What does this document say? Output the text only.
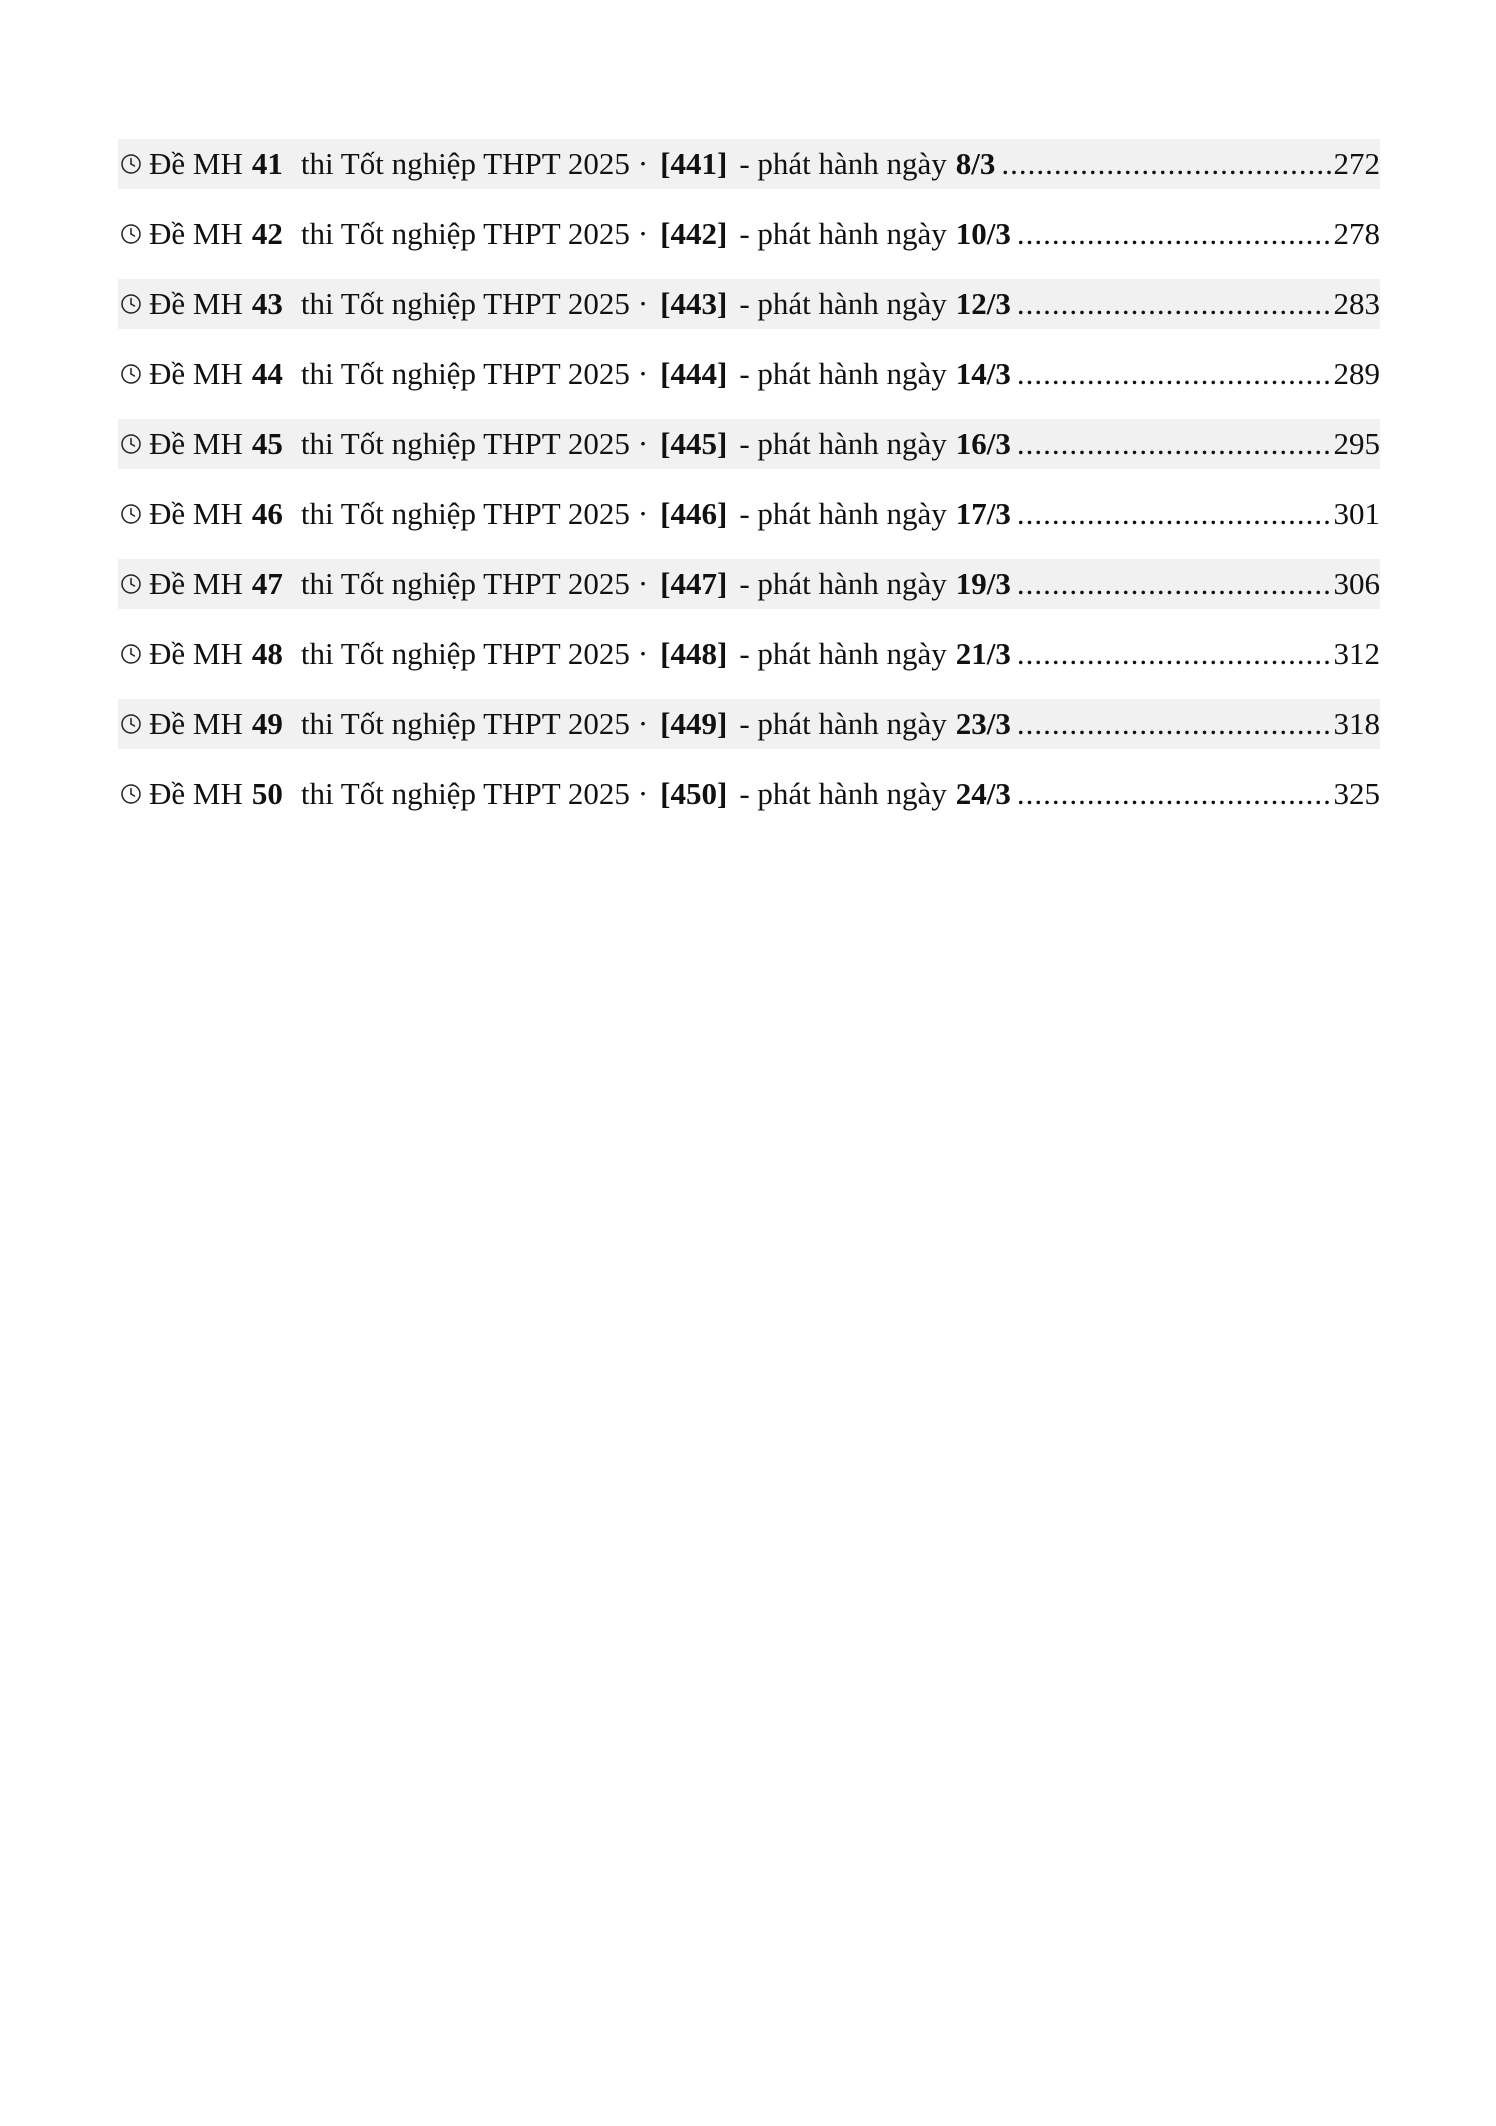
Đề MH 41 thi Tốt nghiệp THPT 2025 · [441] - phát hành ngày 8/3 .....	272
Đề MH 42 thi Tốt nghiệp THPT 2025 · [442] - phát hành ngày 10/3 .....	278
Đề MH 43 thi Tốt nghiệp THPT 2025 · [443] - phát hành ngày 12/3 .....	283
Đề MH 44 thi Tốt nghiệp THPT 2025 · [444] - phát hành ngày 14/3 .....	289
Đề MH 45 thi Tốt nghiệp THPT 2025 · [445] - phát hành ngày 16/3 .....	295
Đề MH 46 thi Tốt nghiệp THPT 2025 · [446] - phát hành ngày 17/3 .....	301
Đề MH 47 thi Tốt nghiệp THPT 2025 · [447] - phát hành ngày 19/3 .....	306
Đề MH 48 thi Tốt nghiệp THPT 2025 · [448] - phát hành ngày 21/3 .....	312
Đề MH 49 thi Tốt nghiệp THPT 2025 · [449] - phát hành ngày 23/3 .....	318
Đề MH 50 thi Tốt nghiệp THPT 2025 · [450] - phát hành ngày 24/3 .....	325
